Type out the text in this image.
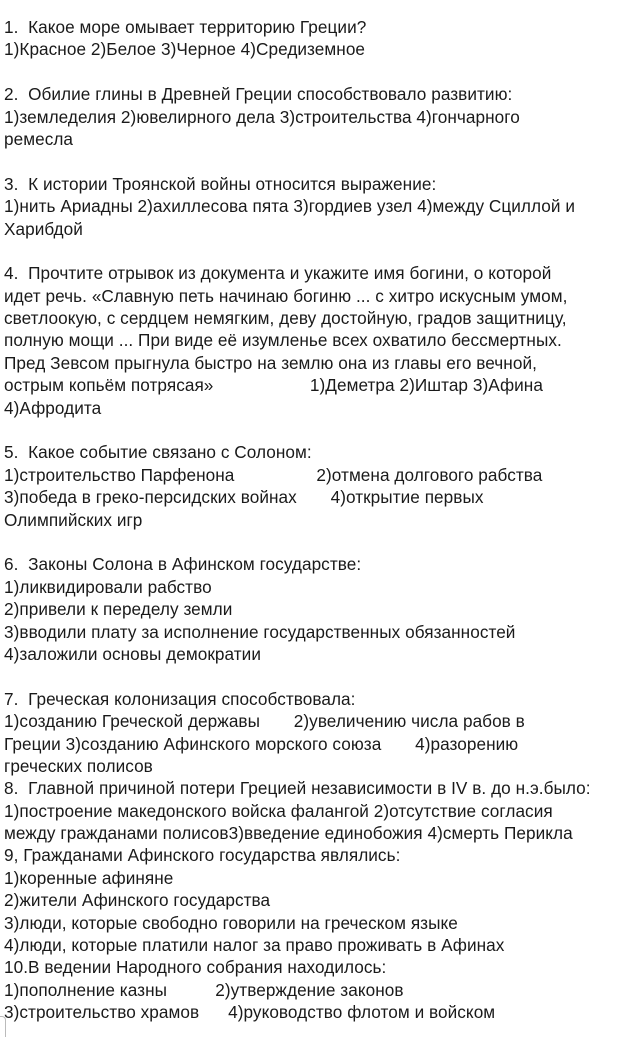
1.  Какое море омывает территорию Греции?
1)Красное 2)Белое 3)Черное 4)Средиземное
2.  Обилие глины в Древней Греции способствовало развитию:
1)земледелия 2)ювелирного дела 3)строительства 4)гончарного
ремесла
3.  К истории Троянской войны относится выражение:
1)нить Ариадны 2)ахиллесова пята 3)гордиев узел 4)между Сциллой и
Харибдой
4.  Прочтите отрывок из документа и укажите имя богини, о которой
идет речь. «Славную петь начинаю богиню ... с хитро искусным умом,
светлоокую, с сердцем немягким, деву достойную, градов защитницу,
полную мощи ... При виде её изумленье всех охватило бессмертных.
Пред Зевсом прыгнула быстро на землю она из главы его вечной,
острым копьём потрясая»                    1)Деметра 2)Иштар 3)Афина
4)Афродита
5.  Какое событие связано с Солоном:
1)строительство Парфенона                 2)отмена долгового рабства
3)победа в греко-персидских войнах       4)открытие первых
Олимпийских игр
6.  Законы Солона в Афинском государстве:
1)ликвидировали рабство
2)привели к переделу земли
3)вводили плату за исполнение государственных обязанностей
4)заложили основы демократии
7.  Греческая колонизация способствовала:
1)созданию Греческой державы       2)увеличению числа рабов в
Греции 3)созданию Афинского морского союза       4)разорению
греческих полисов
8.  Главной причиной потери Грецией независимости в IV в. до н.э.было:
1)построение македонского войска фалангой 2)отсутствие согласия
между гражданами полисов3)введение единобожия 4)смерть Перикла
9, Гражданами Афинского государства являлись:
1)коренные афиняне
2)жители Афинского государства
3)люди, которые свободно говорили на греческом языке
4)люди, которые платили налог за право проживать в Афинах
10.В ведении Народного собрания находилось:
1)пополнение казны          2)утверждение законов
3)строительство храмов      4)руководство флотом и войском
